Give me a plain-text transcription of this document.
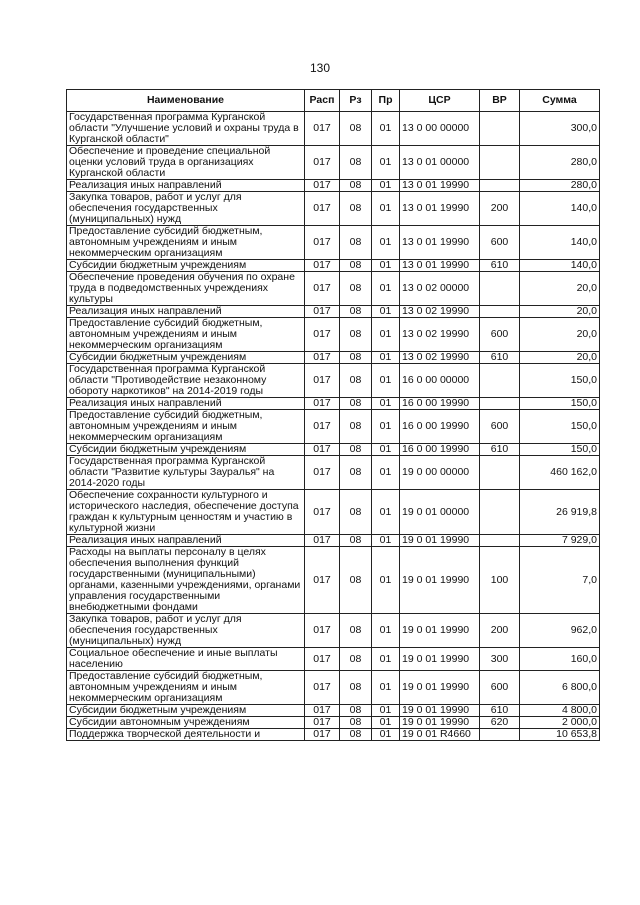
130
Наименование	Расп	Рз	Пр	ЦСР	ВР	Сумма
Государственная программа Курганской области "Улучшение условий и охраны труда в Курганской области"	017	08	01	13 0 00 00000		300,0
Обеспечение и проведение специальной оценки условий труда в организациях Курганской области	017	08	01	13 0 01 00000		280,0
Реализация иных направлений	017	08	01	13 0 01 19990		280,0
Закупка товаров, работ и услуг для обеспечения государственных (муниципальных) нужд	017	08	01	13 0 01 19990	200	140,0
Предоставление субсидий бюджетным, автономным учреждениям и иным некоммерческим организациям	017	08	01	13 0 01 19990	600	140,0
Субсидии бюджетным учреждениям	017	08	01	13 0 01 19990	610	140,0
Обеспечение проведения обучения по охране труда в подведомственных учреждениях культуры	017	08	01	13 0 02 00000		20,0
Реализация иных направлений	017	08	01	13 0 02 19990		20,0
Предоставление субсидий бюджетным, автономным учреждениям и иным некоммерческим организациям	017	08	01	13 0 02 19990	600	20,0
Субсидии бюджетным учреждениям	017	08	01	13 0 02 19990	610	20,0
Государственная программа Курганской области "Противодействие незаконному обороту наркотиков" на 2014-2019 годы	017	08	01	16 0 00 00000		150,0
Реализация иных направлений	017	08	01	16 0 00 19990		150,0
Предоставление субсидий бюджетным, автономным учреждениям и иным некоммерческим организациям	017	08	01	16 0 00 19990	600	150,0
Субсидии бюджетным учреждениям	017	08	01	16 0 00 19990	610	150,0
Государственная программа Курганской области "Развитие культуры Зауралья" на 2014-2020 годы	017	08	01	19 0 00 00000		460 162,0
Обеспечение сохранности культурного и исторического наследия, обеспечение доступа граждан к культурным ценностям и участию в культурной жизни	017	08	01	19 0 01 00000		26 919,8
Реализация иных направлений	017	08	01	19 0 01 19990		7 929,0
Расходы на выплаты персоналу в целях обеспечения выполнения функций государственными (муниципальными) органами, казенными учреждениями, органами управления государственными внебюджетными фондами	017	08	01	19 0 01 19990	100	7,0
Закупка товаров, работ и услуг для обеспечения государственных (муниципальных) нужд	017	08	01	19 0 01 19990	200	962,0
Социальное обеспечение и иные выплаты населению	017	08	01	19 0 01 19990	300	160,0
Предоставление субсидий бюджетным, автономным учреждениям и иным некоммерческим организациям	017	08	01	19 0 01 19990	600	6 800,0
Субсидии бюджетным учреждениям	017	08	01	19 0 01 19990	610	4 800,0
Субсидии автономным учреждениям	017	08	01	19 0 01 19990	620	2 000,0
Поддержка творческой деятельности и	017	08	01	19 0 01 R4660		10 653,8
